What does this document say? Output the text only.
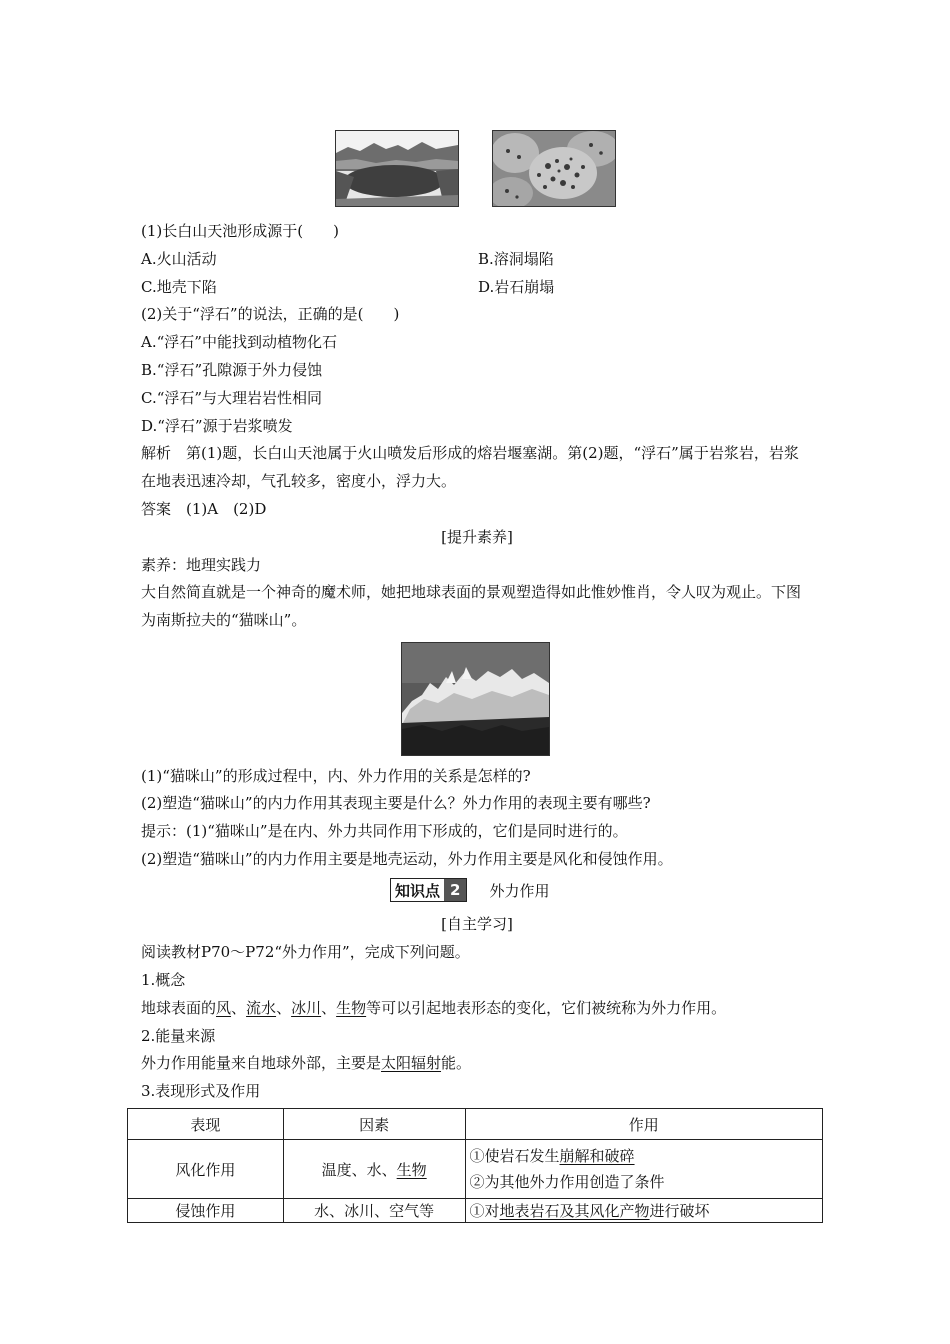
(1)长白山天池形成源于(　　)
A.火山活动	B.溶洞塌陷
C.地壳下陷	D.岩石崩塌
(2)关于“浮石”的说法，正确的是(　　)
A.“浮石”中能找到动植物化石
B.“浮石”孔隙源于外力侵蚀
C.“浮石”与大理岩岩性相同
D.“浮石”源于岩浆喷发
解析　第(1)题，长白山天池属于火山喷发后形成的熔岩堰塞湖。第(2)题，“浮石”属于岩浆岩，岩浆在地表迅速冷却，气孔较多，密度小，浮力大。
答案　(1)A　(2)D
[提升素养]
素养：地理实践力
大自然简直就是一个神奇的魔术师，她把地球表面的景观塑造得如此惟妙惟肖，令人叹为观止。下图为南斯拉夫的“猫咪山”。
(1)“猫咪山”的形成过程中，内、外力作用的关系是怎样的?
(2)塑造“猫咪山”的内力作用其表现主要是什么？外力作用的表现主要有哪些?
提示：(1)“猫咪山”是在内、外力共同作用下形成的，它们是同时进行的。
(2)塑造“猫咪山”的内力作用主要是地壳运动，外力作用主要是风化和侵蚀作用。
知识点 2	外力作用
[自主学习]
阅读教材P70～P72“外力作用”，完成下列问题。
1.概念
地球表面的风、流水、冰川、生物等可以引起地表形态的变化，它们被统称为外力作用。
2.能量来源
外力作用能量来自地球外部，主要是太阳辐射能。
3.表现形式及作用
表现	因素	作用
风化作用	温度、水、生物	①使岩石发生崩解和破碎
②为其他外力作用创造了条件

侵蚀作用	水、冰川、空气等	①对地表岩石及其风化产物进行破坏
